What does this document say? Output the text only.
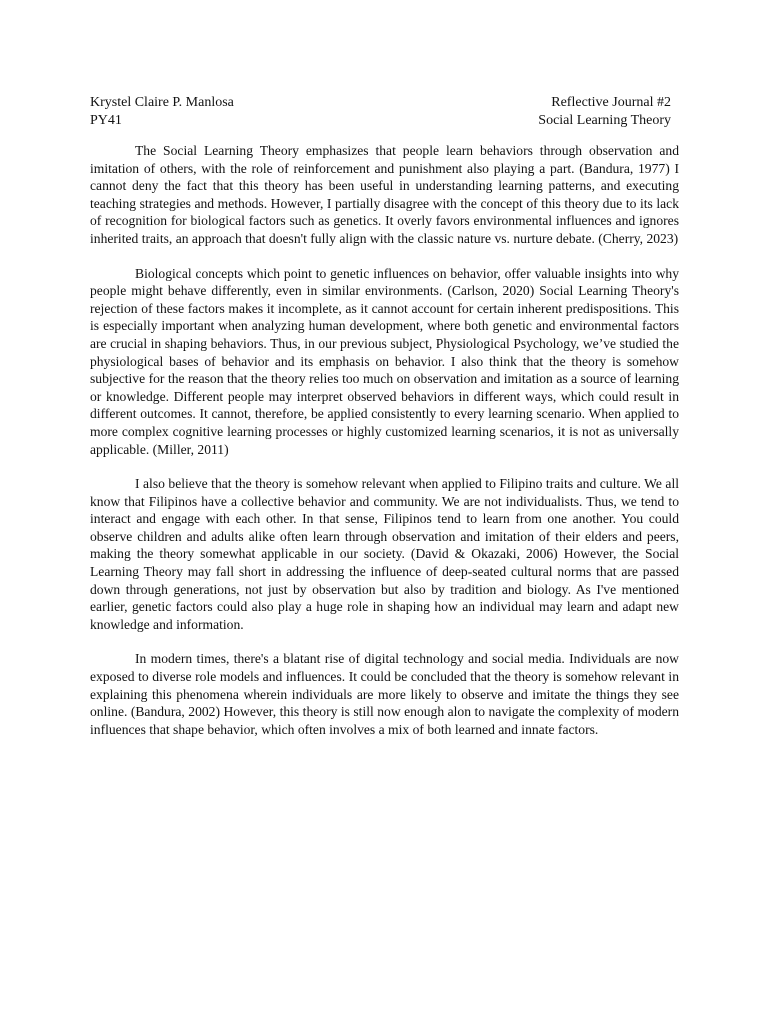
Krystel Claire P. Manlosa
PY41
Reflective Journal #2
Social Learning Theory

The Social Learning Theory emphasizes that people learn behaviors through observation and imitation of others, with the role of reinforcement and punishment also playing a part. (Bandura, 1977) I cannot deny the fact that this theory has been useful in understanding learning patterns, and executing teaching strategies and methods. However, I partially disagree with the concept of this theory due to its lack of recognition for biological factors such as genetics. It overly favors environmental influences and ignores inherited traits, an approach that doesn't fully align with the classic nature vs. nurture debate. (Cherry, 2023)

Biological concepts which point to genetic influences on behavior, offer valuable insights into why people might behave differently, even in similar environments. (Carlson, 2020) Social Learning Theory's rejection of these factors makes it incomplete, as it cannot account for certain inherent predispositions. This is especially important when analyzing human development, where both genetic and environmental factors are crucial in shaping behaviors. Thus, in our previous subject, Physiological Psychology, we’ve studied the physiological bases of behavior and its emphasis on behavior. I also think that the theory is somehow subjective for the reason that the theory relies too much on observation and imitation as a source of learning or knowledge. Different people may interpret observed behaviors in different ways, which could result in different outcomes. It cannot, therefore, be applied consistently to every learning scenario. When applied to more complex cognitive learning processes or highly customized learning scenarios, it is not as universally applicable. (Miller, 2011)

I also believe that the theory is somehow relevant when applied to Filipino traits and culture. We all know that Filipinos have a collective behavior and community. We are not individualists. Thus, we tend to interact and engage with each other. In that sense, Filipinos tend to learn from one another. You could observe children and adults alike often learn through observation and imitation of their elders and peers, making the theory somewhat applicable in our society. (David & Okazaki, 2006) However, the Social Learning Theory may fall short in addressing the influence of deep-seated cultural norms that are passed down through generations, not just by observation but also by tradition and biology. As I've mentioned earlier, genetic factors could also play a huge role in shaping how an individual may learn and adapt new knowledge and information.

In modern times, there's a blatant rise of digital technology and social media. Individuals are now exposed to diverse role models and influences. It could be concluded that the theory is somehow relevant in explaining this phenomena wherein individuals are more likely to observe and imitate the things they see online. (Bandura, 2002) However, this theory is still now enough alon to navigate the complexity of modern influences that shape behavior, which often involves a mix of both learned and innate factors.
